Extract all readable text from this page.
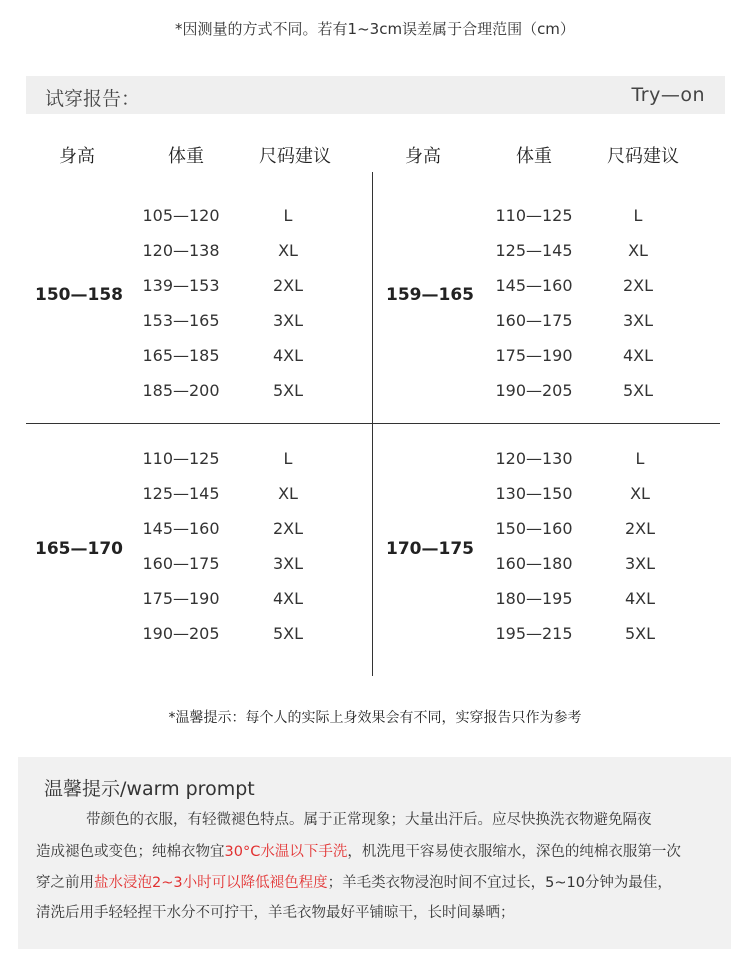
*因测量的方式不同。若有1~3cm误差属于合理范围（cm）
试穿报告：	Try—on
身高	体重	尺码建议	身高	体重	尺码建议
150—158
105—120	L
120—138	XL
139—153	2XL
153—165	3XL
165—185	4XL
185—200	5XL
159—165
110—125	L
125—145	XL
145—160	2XL
160—175	3XL
175—190	4XL
190—205	5XL
165—170
110—125	L
125—145	XL
145—160	2XL
160—175	3XL
175—190	4XL
190—205	5XL
170—175
120—130	L
130—150	XL
150—160	2XL
160—180	3XL
180—195	4XL
195—215	5XL
*温馨提示：每个人的实际上身效果会有不同，实穿报告只作为参考
温馨提示/warm prompt
带颜色的衣服，有轻微褪色特点。属于正常现象；大量出汗后。应尽快换洗衣物避免隔夜
造成褪色或变色；纯棉衣物宜30°C水温以下手洗，机洗甩干容易使衣服缩水，深色的纯棉衣服第一次
穿之前用盐水浸泡2~3小时可以降低褪色程度；羊毛类衣物浸泡时间不宜过长，5~10分钟为最佳，
清洗后用手轻轻捏干水分不可拧干，羊毛衣物最好平铺晾干，长时间暴晒；
